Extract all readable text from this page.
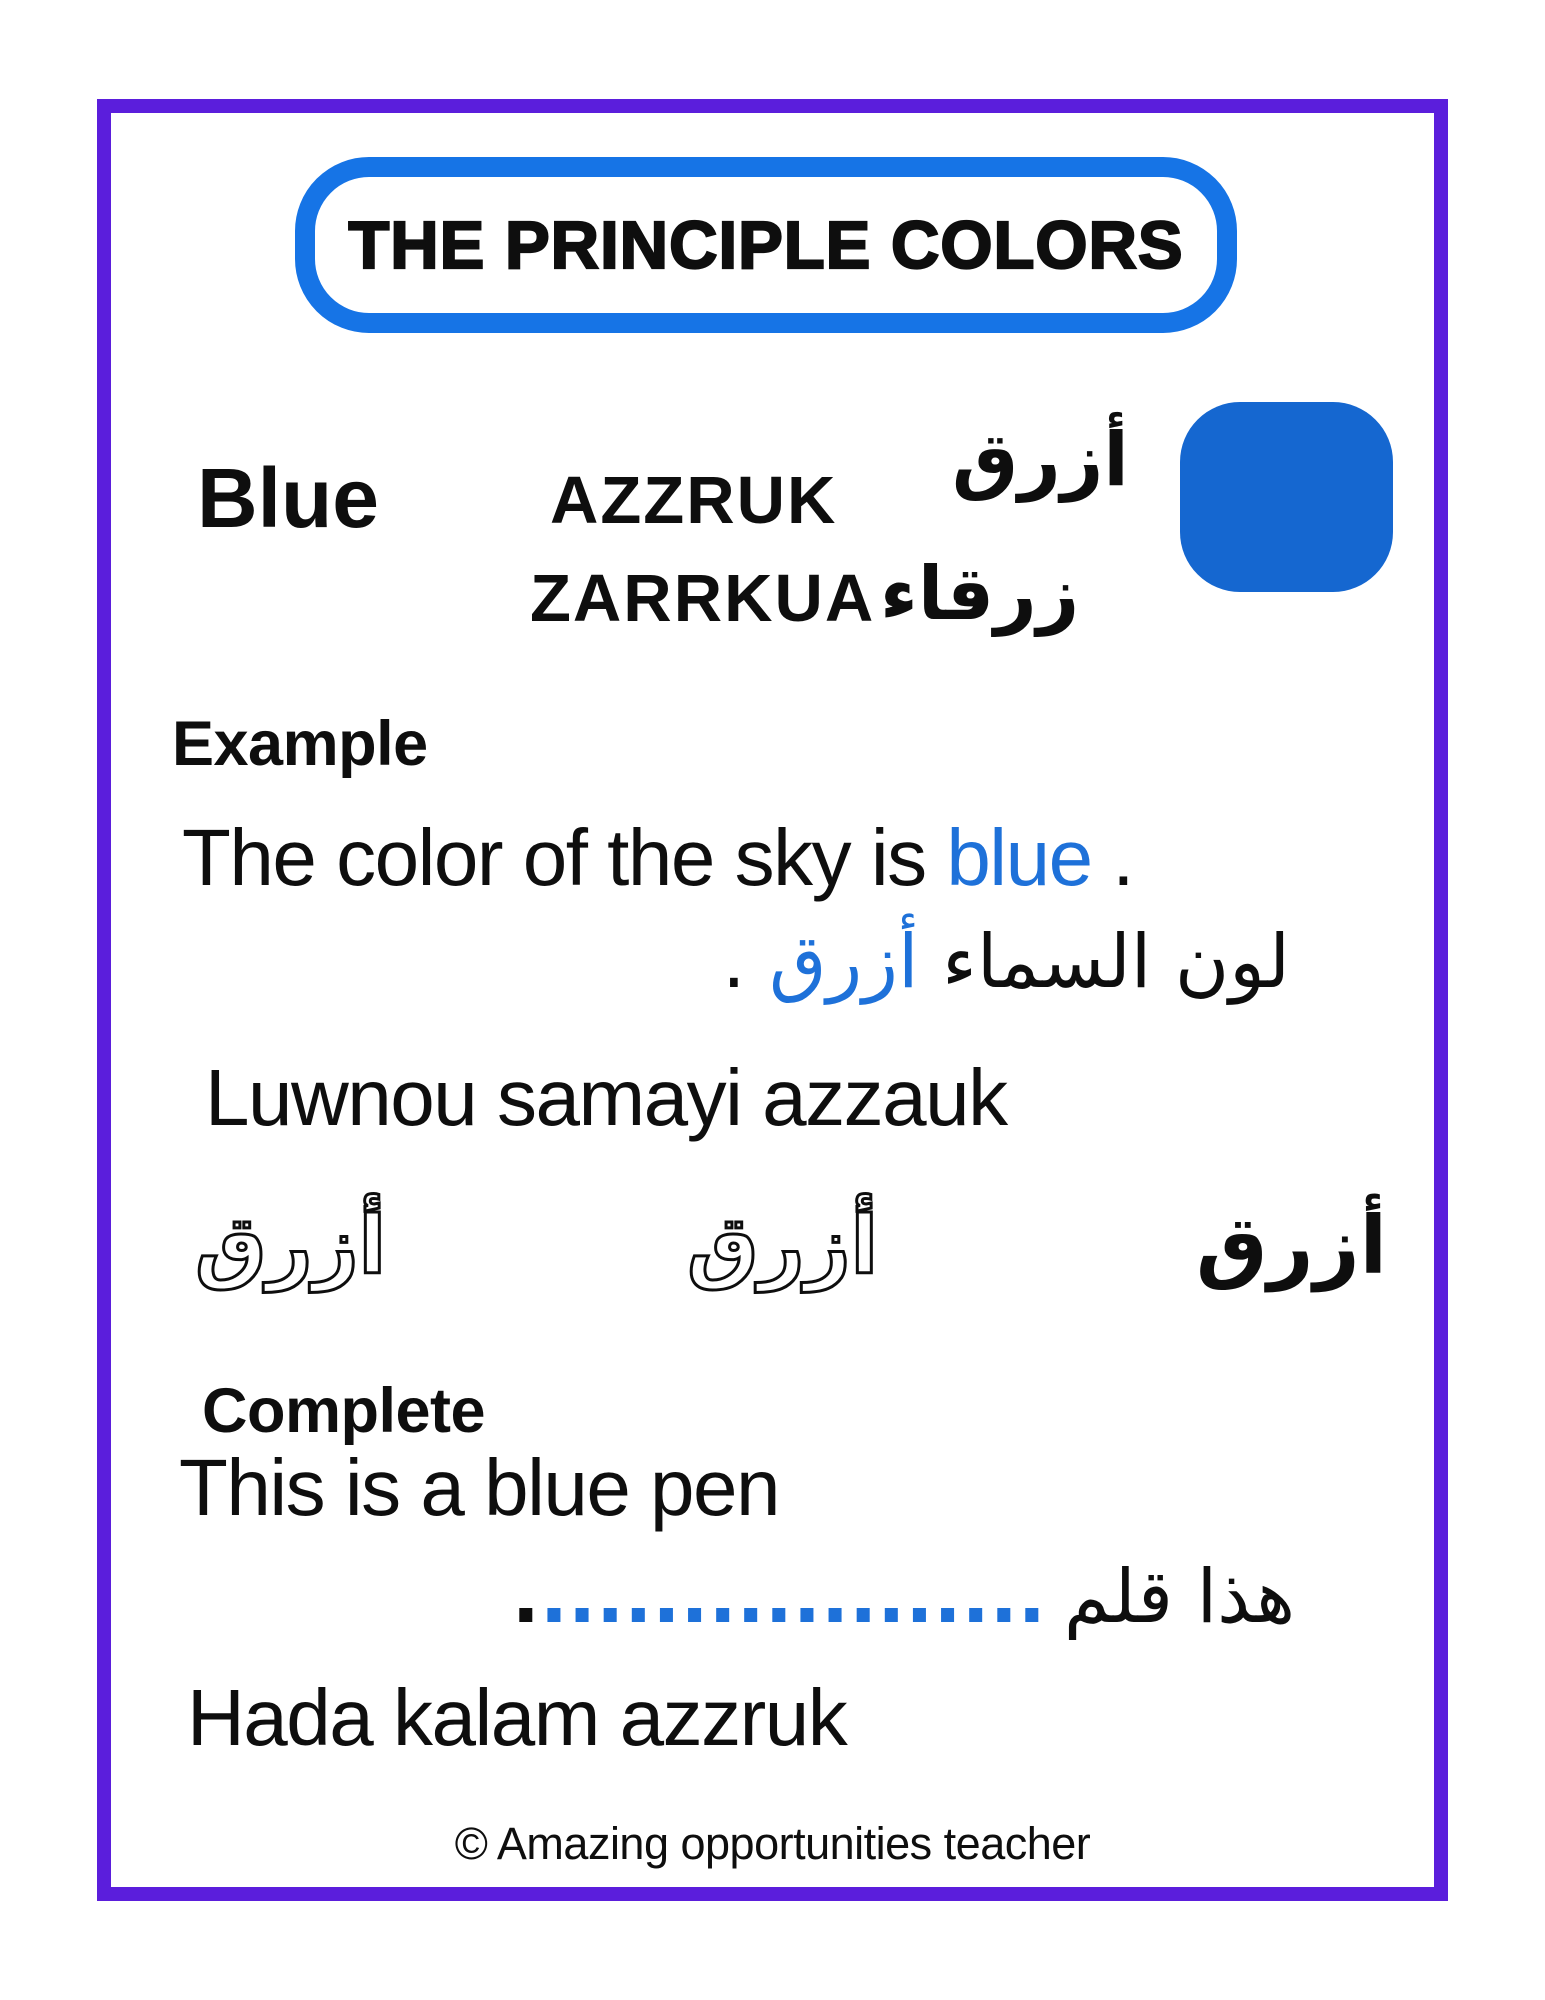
THE PRINCIPLE COLORS
Blue	AZZRUK أزرق
ZARRKUA زرقاء
Example
The color of the sky is blue .
لون السماء أزرق .
Luwnou samayi azzauk
أزرق	أزرق	أزرق
Complete
This is a blue pen
هذا قلم...................
Hada kalam azzruk
© Amazing opportunities teacher
